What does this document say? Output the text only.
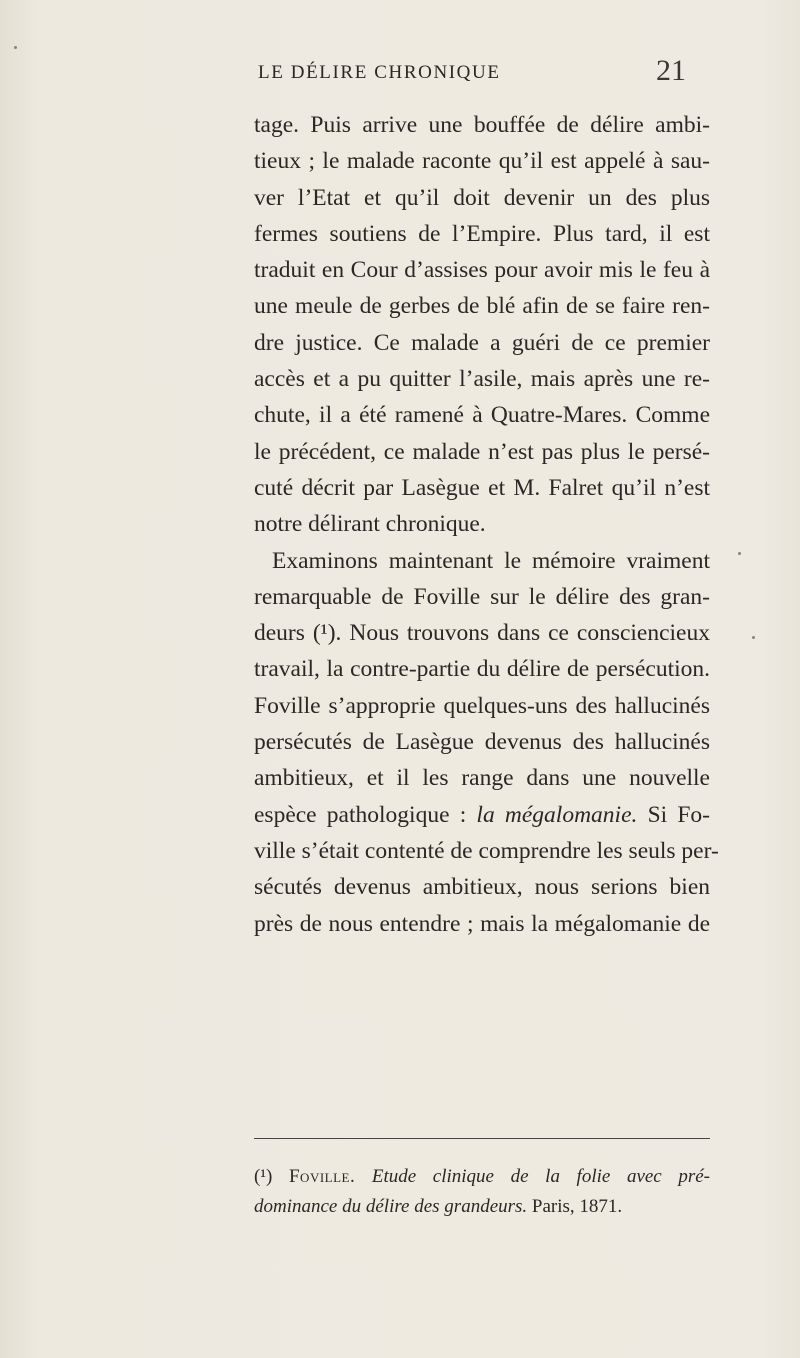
LE DÉLIRE CHRONIQUE	21
tage. Puis arrive une bouffée de délire ambi-
tieux ; le malade raconte qu’il est appelé à sau-
ver l’Etat et qu’il doit devenir un des plus
fermes soutiens de l’Empire. Plus tard, il est
traduit en Cour d’assises pour avoir mis le feu à
une meule de gerbes de blé afin de se faire ren-
dre justice. Ce malade a guéri de ce premier
accès et a pu quitter l’asile, mais après une re-
chute, il a été ramené à Quatre-Mares. Comme
le précédent, ce malade n’est pas plus le persé-
cuté décrit par Lasègue et M. Falret qu’il n’est
notre délirant chronique.
Examinons maintenant le mémoire vraiment
remarquable de Foville sur le délire des gran-
deurs (¹). Nous trouvons dans ce consciencieux
travail, la contre-partie du délire de persécution.
Foville s’approprie quelques-uns des hallucinés
persécutés de Lasègue devenus des hallucinés
ambitieux, et il les range dans une nouvelle
espèce pathologique : la mégalomanie. Si Fo-
ville s’était contenté de comprendre les seuls per-
sécutés devenus ambitieux, nous serions bien
près de nous entendre ; mais la mégalomanie de
(¹) Foville. Etude clinique de la folie avec pré-
dominance du délire des grandeurs. Paris, 1871.
